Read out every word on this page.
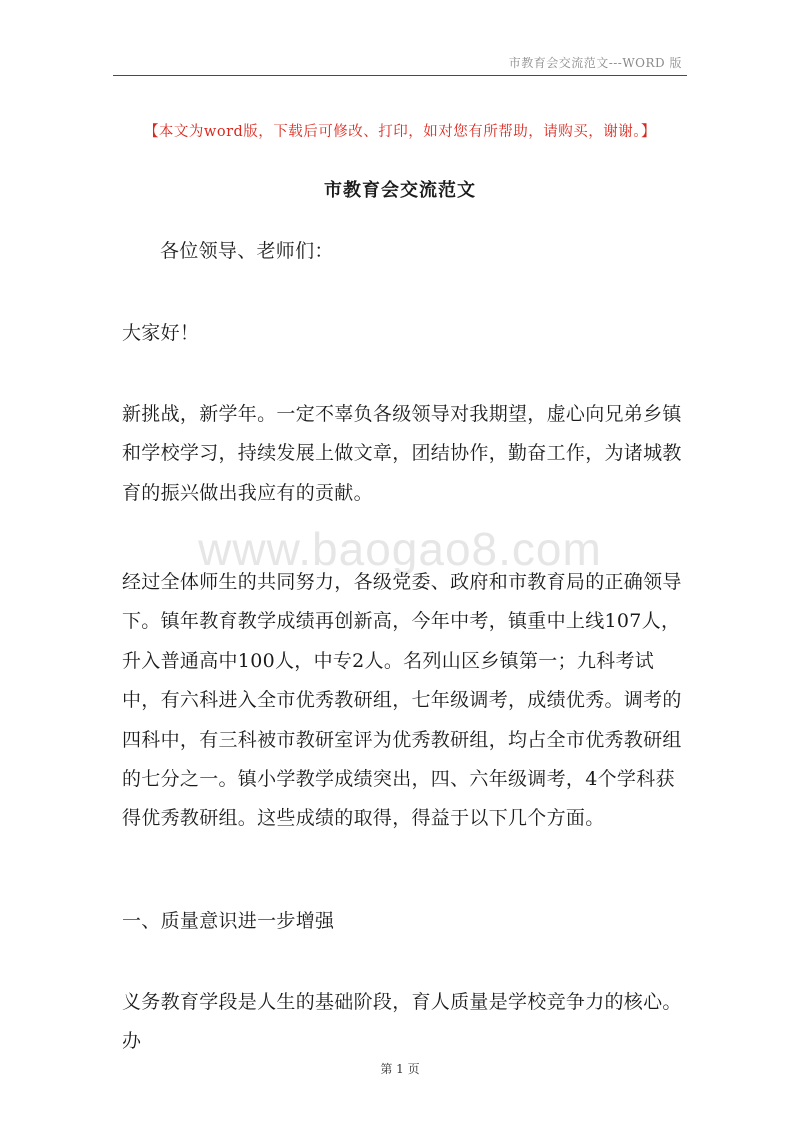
市教育会交流范文---WORD 版
【本文为word版，下载后可修改、打印，如对您有所帮助，请购买，谢谢。】
市教育会交流范文

各位领导、老师们：

大家好！

新挑战，新学年。一定不辜负各级领导对我期望，虚心向兄弟乡镇和学校学习，持续发展上做文章，团结协作，勤奋工作，为诸城教育的振兴做出我应有的贡献。

www.baogao8.com

经过全体师生的共同努力，各级党委、政府和市教育局的正确领导下。镇年教育教学成绩再创新高，今年中考，镇重中上线107人，升入普通高中100人，中专2人。名列山区乡镇第一；九科考试中，有六科进入全市优秀教研组，七年级调考，成绩优秀。调考的四科中，有三科被市教研室评为优秀教研组，均占全市优秀教研组的七分之一。镇小学教学成绩突出，四、六年级调考，4个学科获得优秀教研组。这些成绩的取得，得益于以下几个方面。

一、质量意识进一步增强

义务教育学段是人生的基础阶段，育人质量是学校竞争力的核心。办

第 1 页
